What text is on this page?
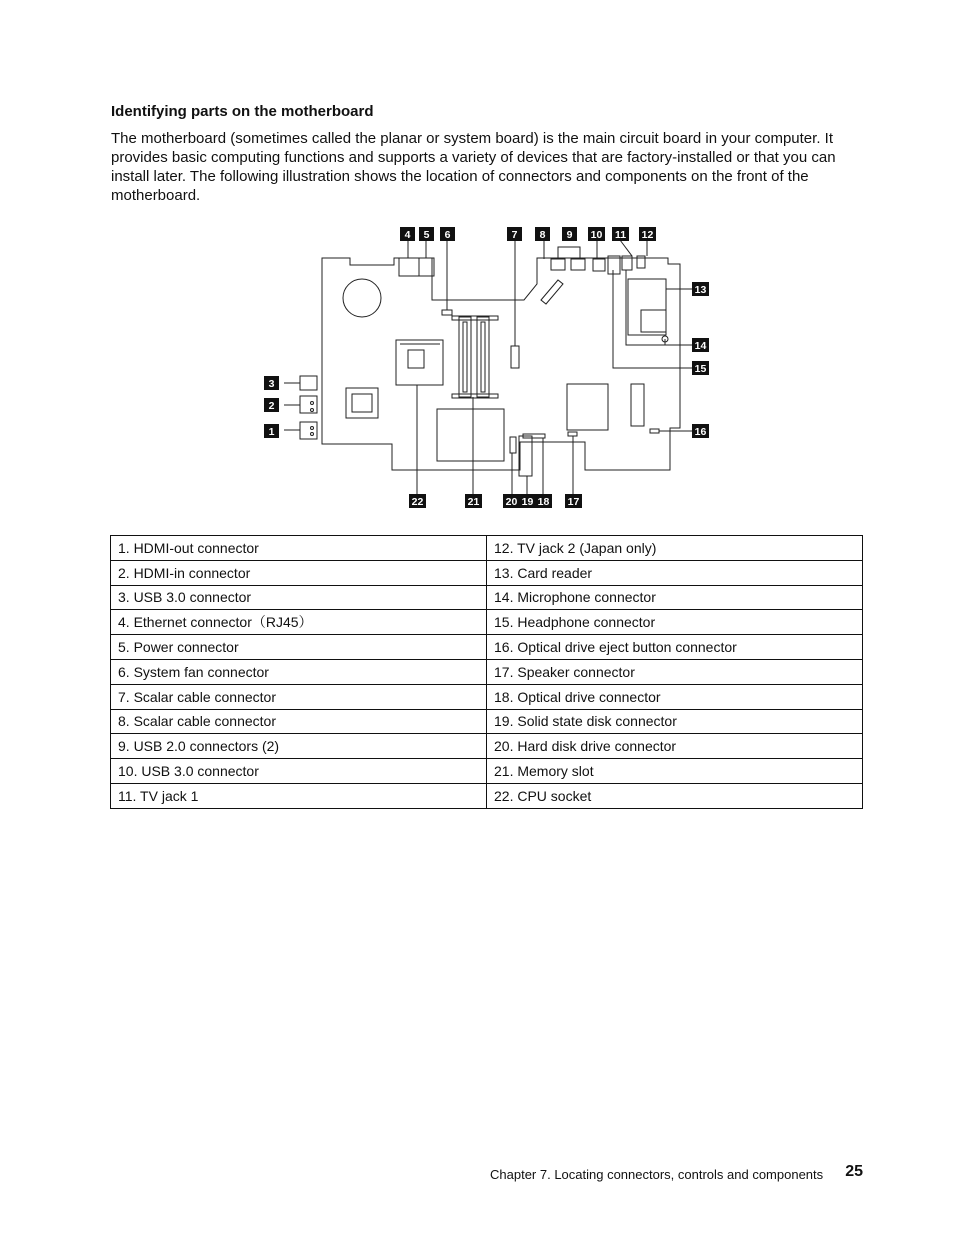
Identifying parts on the motherboard

The motherboard (sometimes called the planar or system board) is the main circuit board in your computer. It provides basic computing functions and supports a variety of devices that are factory-installed or that you can install later. The following illustration shows the location of connectors and components on the front of the motherboard.

1
2
3
4 5 6	7 8 9 10 11 12
13
14
15
16
17
18
19
20
21
22
1. HDMI-out connector	12. TV jack 2 (Japan only)
2. HDMI-in connector	13. Card reader
3. USB 3.0 connector	14. Microphone connector
4. Ethernet connector（RJ45）	15. Headphone connector
5. Power connector	16. Optical drive eject button connector
6. System fan connector	17. Speaker connector
7. Scalar cable connector	18. Optical drive connector
8. Scalar cable connector	19. Solid state disk connector
9. USB 2.0 connectors (2)	20. Hard disk drive connector
10. USB 3.0 connector	21. Memory slot
11. TV jack 1	22. CPU socket
Chapter 7. Locating connectors, controls and components 25
